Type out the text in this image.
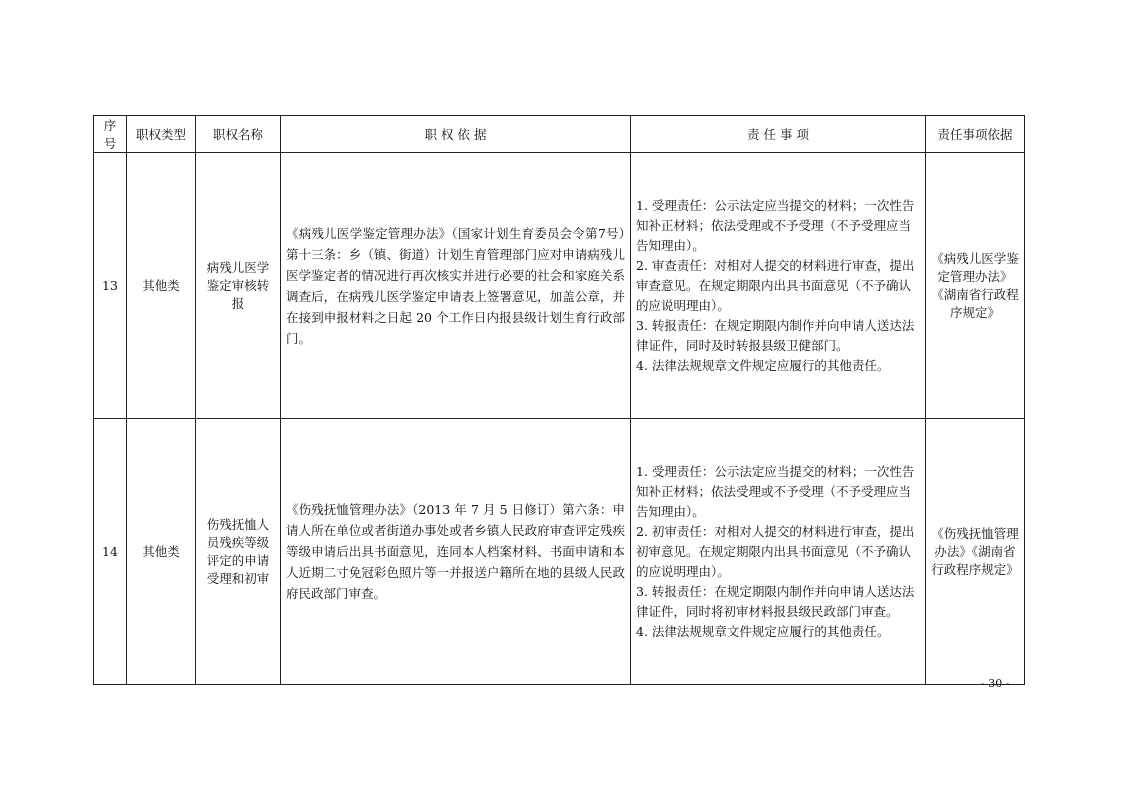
序号	职权类型	职权名称	职 权 依 据	责 任 事 项	责任事项依据
13	其他类	病残儿医学鉴定审核转报	《病残儿医学鉴定管理办法》（国家计划生育委员会令第7号）第十三条：乡（镇、街道）计划生育管理部门应对申请病残儿医学鉴定者的情况进行再次核实并进行必要的社会和家庭关系调查后，在病残儿医学鉴定申请表上签署意见，加盖公章，并在接到申报材料之日起 20 个工作日内报县级计划生育行政部门。	1. 受理责任：公示法定应当提交的材料；一次性告知补正材料；依法受理或不予受理（不予受理应当告知理由）。
2. 审查责任：对相对人提交的材料进行审查，提出审查意见。在规定期限内出具书面意见（不予确认的应说明理由）。
3. 转报责任：在规定期限内制作并向申请人送达法律证件，同时及时转报县级卫健部门。
4. 法律法规规章文件规定应履行的其他责任。	《病残儿医学鉴定管理办法》《湖南省行政程序规定》
14	其他类	伤残抚恤人员残疾等级评定的申请受理和初审	《伤残抚恤管理办法》（2013 年 7 月 5 日修订）第六条：申请人所在单位或者街道办事处或者乡镇人民政府审查评定残疾等级申请后出具书面意见，连同本人档案材料、书面申请和本人近期二寸免冠彩色照片等一并报送户籍所在地的县级人民政府民政部门审查。	1. 受理责任：公示法定应当提交的材料；一次性告知补正材料；依法受理或不予受理（不予受理应当告知理由）。
2. 初审责任：对相对人提交的材料进行审查，提出初审意见。在规定期限内出具书面意见（不予确认的应说明理由）。
3. 转报责任：在规定期限内制作并向申请人送达法律证件，同时将初审材料报县级民政部门审查。
4. 法律法规规章文件规定应履行的其他责任。	《伤残抚恤管理办法》《湖南省行政程序规定》
- 30 -
